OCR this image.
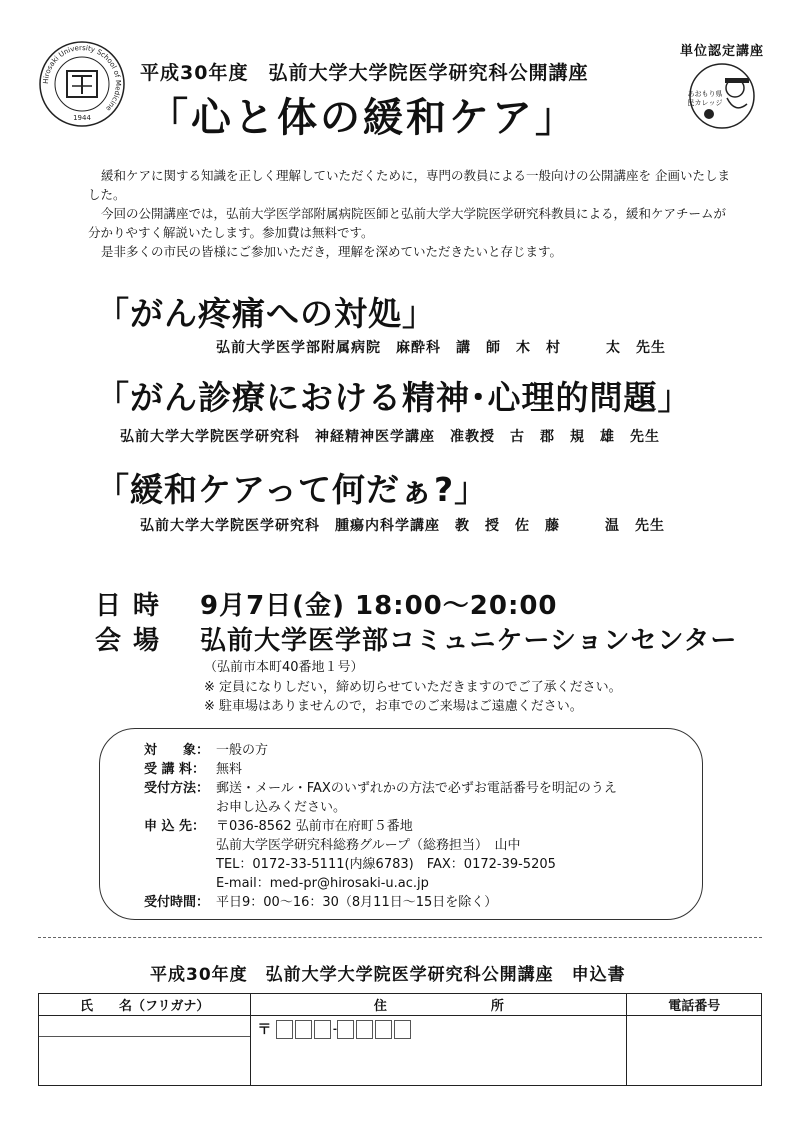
Hirosaki University School of Medicine
1944
平成30年度　弘前大学大学院医学研究科公開講座
「心と体の緩和ケア」
単位認定講座
あおもり県民カレッジ

緩和ケアに関する知識を正しく理解していただくために，専門の教員による一般向けの公開講座を 企画いたしました。

今回の公開講座では，弘前大学医学部附属病院医師と弘前大学大学院医学研究科教員による，緩和ケアチームが分かりやすく解説いたします。参加費は無料です。

是非多くの市民の皆様にご参加いただき，理解を深めていただきたいと存じます。

「がん疼痛への対処」
弘前大学医学部附属病院　麻酔科　講　師　木　村　　　太　先生
「がん診療における精神･心理的問題」
弘前大学大学院医学研究科　神経精神医学講座　准教授　古　郡　規　雄　先生
「緩和ケアって何だぁ?」
弘前大学大学院医学研究科　腫瘍内科学講座　教　授　佐　藤　　　温　先生
日時 9月7日(金) 18:00～20:00
会場 弘前大学医学部コミュニケーションセンター
（弘前市本町40番地１号）
※ 定員になりしだい，締め切らせていただきますのでご了承ください。
※ 駐車場はありませんので，お車でのご来場はご遠慮ください。
対　　象： 一般の方
受 講 料： 無料
受付方法： 郵送・メール・FAXのいずれかの方法で必ずお電話番号を明記のうえ
お申し込みください。
申 込 先： 〒036-8562 弘前市在府町５番地
弘前大学医学研究科総務グループ（総務担当）　山中
TEL：0172-33-5111(内線6783)　FAX：0172-39-5205
E-mail：med-pr@hirosaki-u.ac.jp
受付時間： 平日9：00～16：30（8月11日～15日を除く）
平成30年度　弘前大学大学院医学研究科公開講座　申込書
氏　　名（フリガナ）	住　　　　　　　　所	電話番号

	〒 -	
